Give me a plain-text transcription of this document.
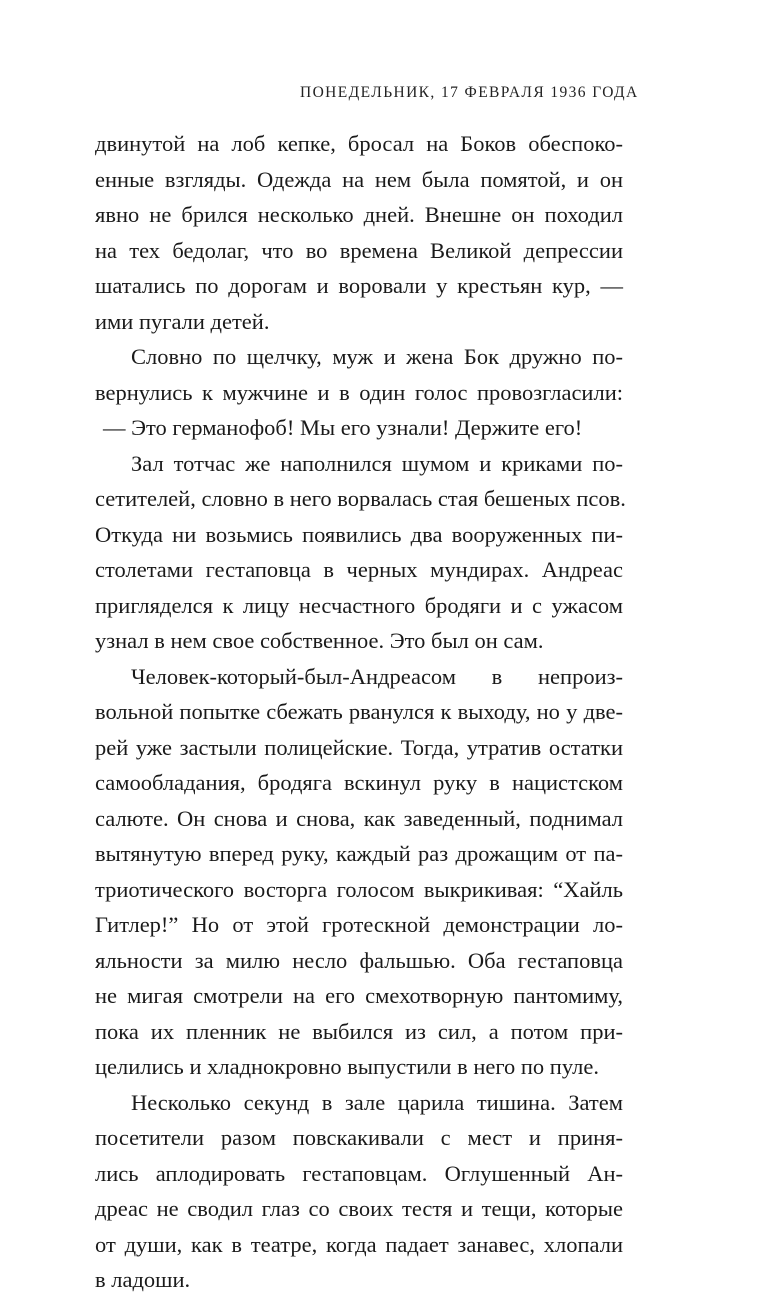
ПОНЕДЕЛЬНИК, 17 ФЕВРАЛЯ 1936 ГОДА
двинутой на лоб кепке, бросал на Боков обеспоко-
енные взгляды. Одежда на нем была помятой, и он
явно не брился несколько дней. Внешне он походил
на тех бедолаг, что во времена Великой депрессии
шатались по дорогам и воровали у крестьян кур, —
ими пугали детей.
Словно по щелчку, муж и жена Бок дружно по-
вернулись к мужчине и в один голос провозгласили:
— Это германофоб! Мы его узнали! Держите его!
Зал тотчас же наполнился шумом и криками по-
сетителей, словно в него ворвалась стая бешеных псов.
Откуда ни возьмись появились два вооруженных пи-
столетами гестаповца в черных мундирах. Андреас
пригляделся к лицу несчастного бродяги и с ужасом
узнал в нем свое собственное. Это был он сам.
Человек-который-был-Андреасом в непроиз-
вольной попытке сбежать рванулся к выходу, но у две-
рей уже застыли полицейские. Тогда, утратив остатки
самообладания, бродяга вскинул руку в нацистском
салюте. Он снова и снова, как заведенный, поднимал
вытянутую вперед руку, каждый раз дрожащим от па-
триотического восторга голосом выкрикивая: “Хайль
Гитлер!” Но от этой гротескной демонстрации ло-
яльности за милю несло фальшью. Оба гестаповца
не мигая смотрели на его смехотворную пантомиму,
пока их пленник не выбился из сил, а потом при-
целились и хладнокровно выпустили в него по пуле.
Несколько секунд в зале царила тишина. Затем
посетители разом повскакивали с мест и приня-
лись аплодировать гестаповцам. Оглушенный Ан-
дреас не сводил глаз со своих тестя и тещи, которые
от души, как в театре, когда падает занавес, хлопали
в ладоши.
